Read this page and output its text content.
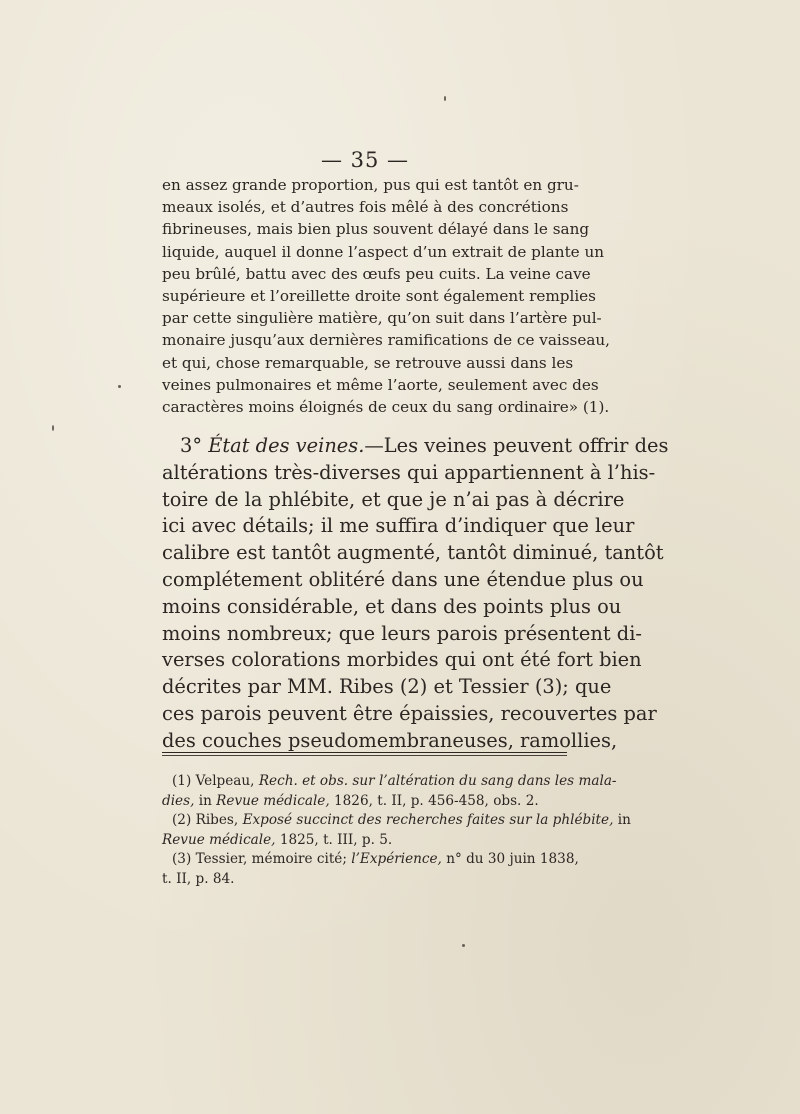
— 35 —
en assez grande proportion, pus qui est tantôt en gru-
meaux isolés, et d’autres fois mêlé à des concrétions
fibrineuses, mais bien plus souvent délayé dans le sang
liquide, auquel il donne l’aspect d’un extrait de plante un
peu brûlé, battu avec des œufs peu cuits. La veine cave
supérieure et l’oreillette droite sont également remplies
par cette singulière matière, qu’on suit dans l’artère pul-
monaire jusqu’aux dernières ramifications de ce vaisseau,
et qui, chose remarquable, se retrouve aussi dans les
veines pulmonaires et même l’aorte, seulement avec des
caractères moins éloignés de ceux du sang ordinaire» (1).
3° État des veines.—Les veines peuvent offrir des
altérations très-diverses qui appartiennent à l’his-
toire de la phlébite, et que je n’ai pas à décrire
ici avec détails; il me suffira d’indiquer que leur
calibre est tantôt augmenté, tantôt diminué, tantôt
complétement oblitéré dans une étendue plus ou
moins considérable, et dans des points plus ou
moins nombreux; que leurs parois présentent di-
verses colorations morbides qui ont été fort bien
décrites par MM. Ribes (2) et Tessier (3); que
ces parois peuvent être épaissies, recouvertes par
des couches pseudomembraneuses, ramollies,
(1) Velpeau, Rech. et obs. sur l’altération du sang dans les mala-
dies, in Revue médicale, 1826, t. II, p. 456-458, obs. 2.
(2) Ribes, Exposé succinct des recherches faites sur la phlébite, in
Revue médicale, 1825, t. III, p. 5.
(3) Tessier, mémoire cité; l’Expérience, n° du 30 juin 1838,
t. II, p. 84.
